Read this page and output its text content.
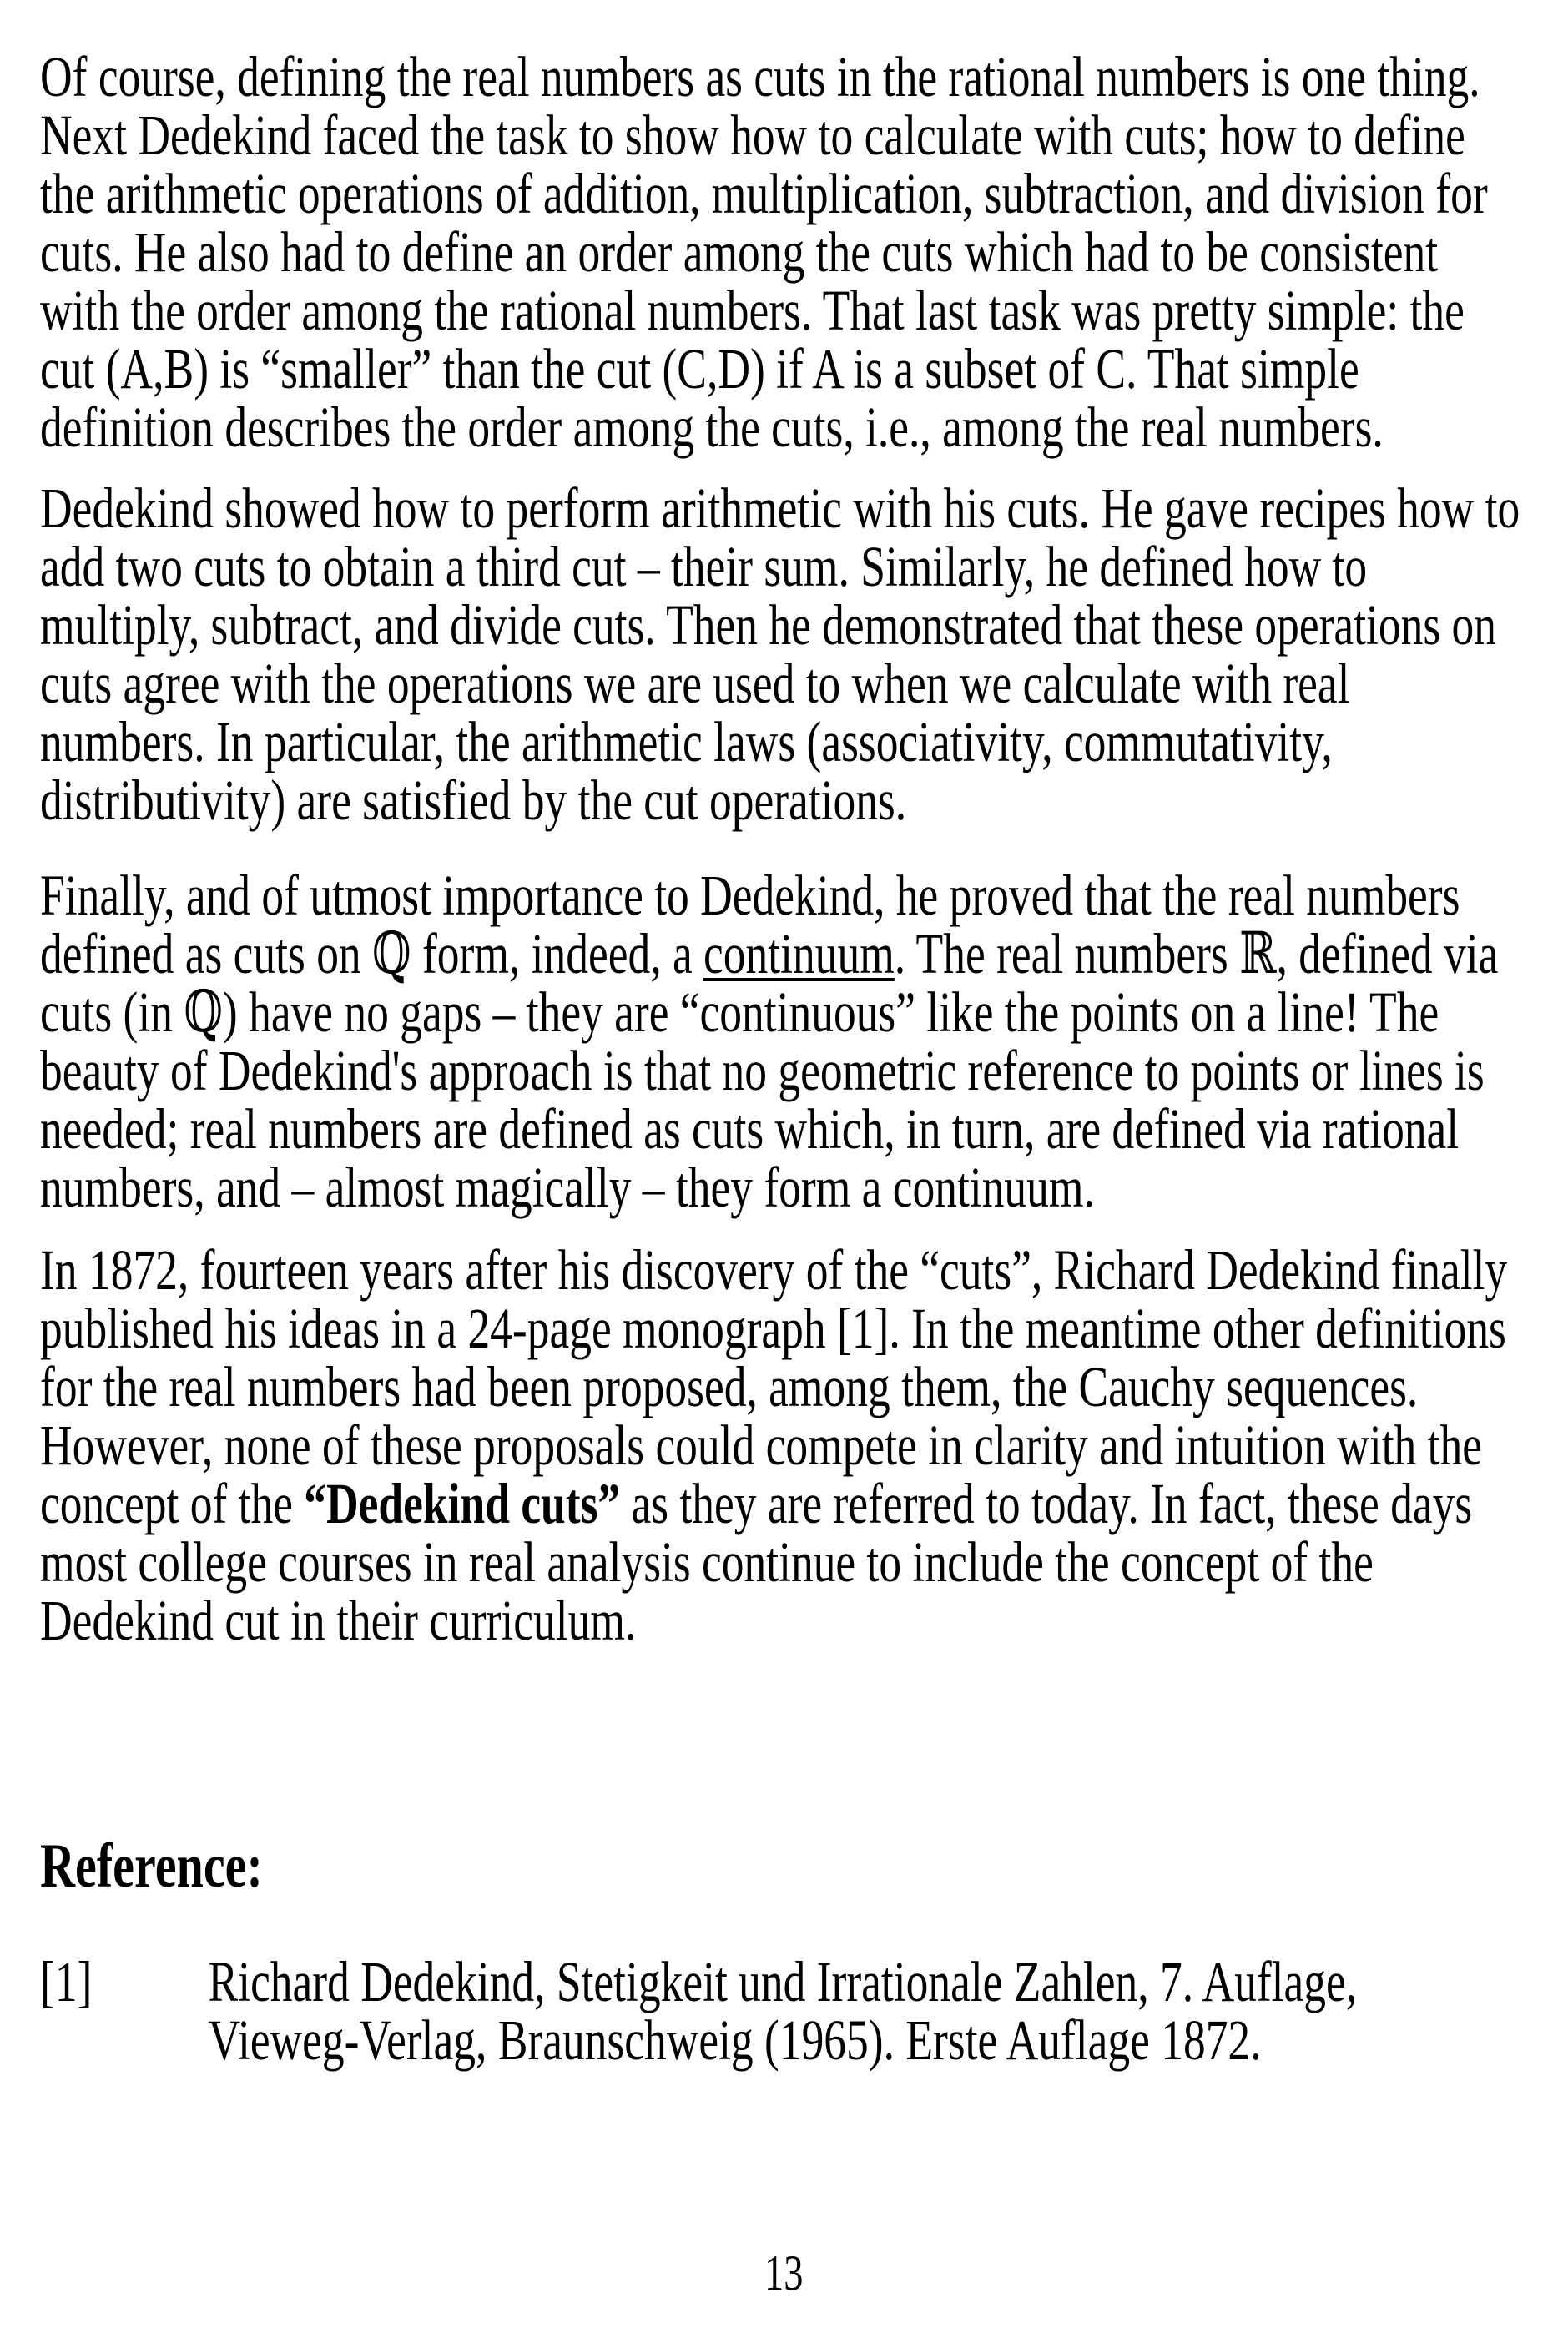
Of course, defining the real numbers as cuts in the rational numbers is one thing.
Next Dedekind faced the task to show how to calculate with cuts; how to define
the arithmetic operations of addition, multiplication, subtraction, and division for
cuts. He also had to define an order among the cuts which had to be consistent
with the order among the rational numbers. That last task was pretty simple: the
cut (A,B) is “smaller” than the cut (C,D) if A is a subset of C. That simple
definition describes the order among the cuts, i.e., among the real numbers.
Dedekind showed how to perform arithmetic with his cuts. He gave recipes how to
add two cuts to obtain a third cut – their sum. Similarly, he defined how to
multiply, subtract, and divide cuts. Then he demonstrated that these operations on
cuts agree with the operations we are used to when we calculate with real
numbers. In particular, the arithmetic laws (associativity, commutativity,
distributivity) are satisfied by the cut operations.
Finally, and of utmost importance to Dedekind, he proved that the real numbers
defined as cuts on ℚ form, indeed, a continuum. The real numbers ℝ, defined via
cuts (in ℚ) have no gaps – they are “continuous” like the points on a line! The
beauty of Dedekind's approach is that no geometric reference to points or lines is
needed; real numbers are defined as cuts which, in turn, are defined via rational
numbers, and – almost magically – they form a continuum.
In 1872, fourteen years after his discovery of the “cuts”, Richard Dedekind finally
published his ideas in a 24-page monograph [1]. In the meantime other definitions
for the real numbers had been proposed, among them, the Cauchy sequences.
However, none of these proposals could compete in clarity and intuition with the
concept of the “Dedekind cuts” as they are referred to today. In fact, these days
most college courses in real analysis continue to include the concept of the
Dedekind cut in their curriculum.
Reference:
[1] Richard Dedekind, Stetigkeit und Irrationale Zahlen, 7. Auflage,
Vieweg-Verlag, Braunschweig (1965). Erste Auflage 1872.
13
